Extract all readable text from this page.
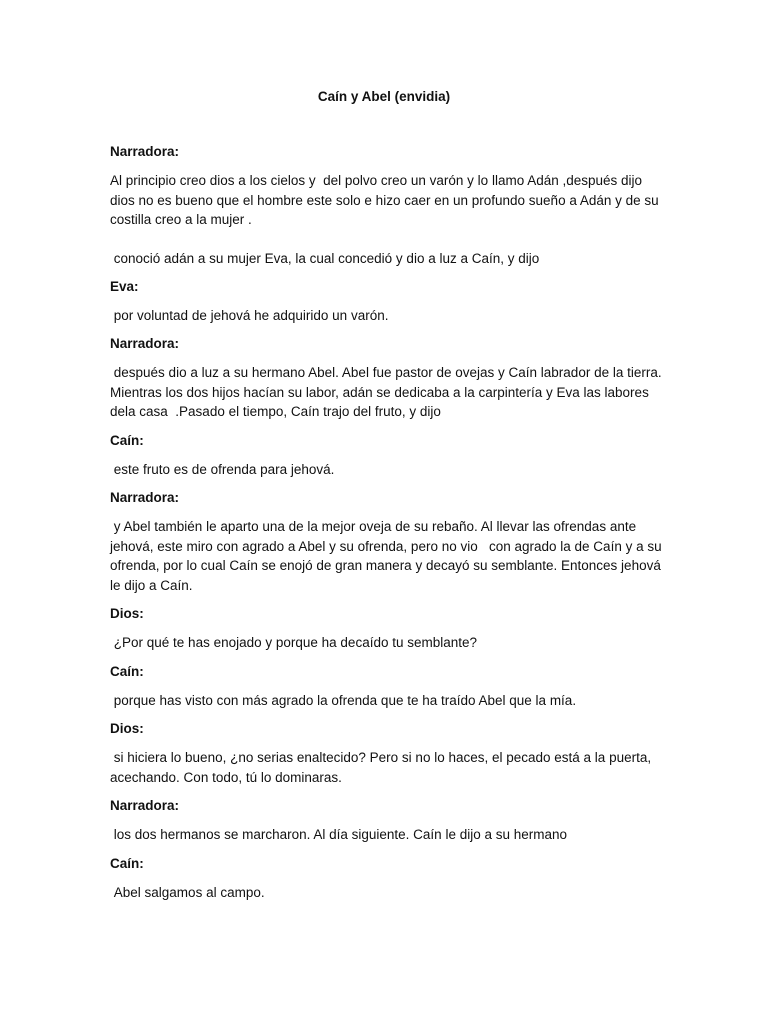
Caín y Abel (envidia)

Narradora:

Al principio creo dios a los cielos y  del polvo creo un varón y lo llamo Adán ,después dijo dios no es bueno que el hombre este solo e hizo caer en un profundo sueño a Adán y de su costilla creo a la mujer .

conoció adán a su mujer Eva, la cual concedió y dio a luz a Caín, y dijo

Eva:

por voluntad de jehová he adquirido un varón.

Narradora:

después dio a luz a su hermano Abel. Abel fue pastor de ovejas y Caín labrador de la tierra. Mientras los dos hijos hacían su labor, adán se dedicaba a la carpintería y Eva las labores dela casa  .Pasado el tiempo, Caín trajo del fruto, y dijo

Caín:

este fruto es de ofrenda para jehová.

Narradora:

y Abel también le aparto una de la mejor oveja de su rebaño. Al llevar las ofrendas ante jehová, este miro con agrado a Abel y su ofrenda, pero no vio   con agrado la de Caín y a su ofrenda, por lo cual Caín se enojó de gran manera y decayó su semblante. Entonces jehová le dijo a Caín.

Dios:

¿Por qué te has enojado y porque ha decaído tu semblante?

Caín:

porque has visto con más agrado la ofrenda que te ha traído Abel que la mía.

Dios:

si hiciera lo bueno, ¿no serias enaltecido? Pero si no lo haces, el pecado está a la puerta, acechando. Con todo, tú lo dominaras.

Narradora:

los dos hermanos se marcharon. Al día siguiente. Caín le dijo a su hermano

Caín:

Abel salgamos al campo.
